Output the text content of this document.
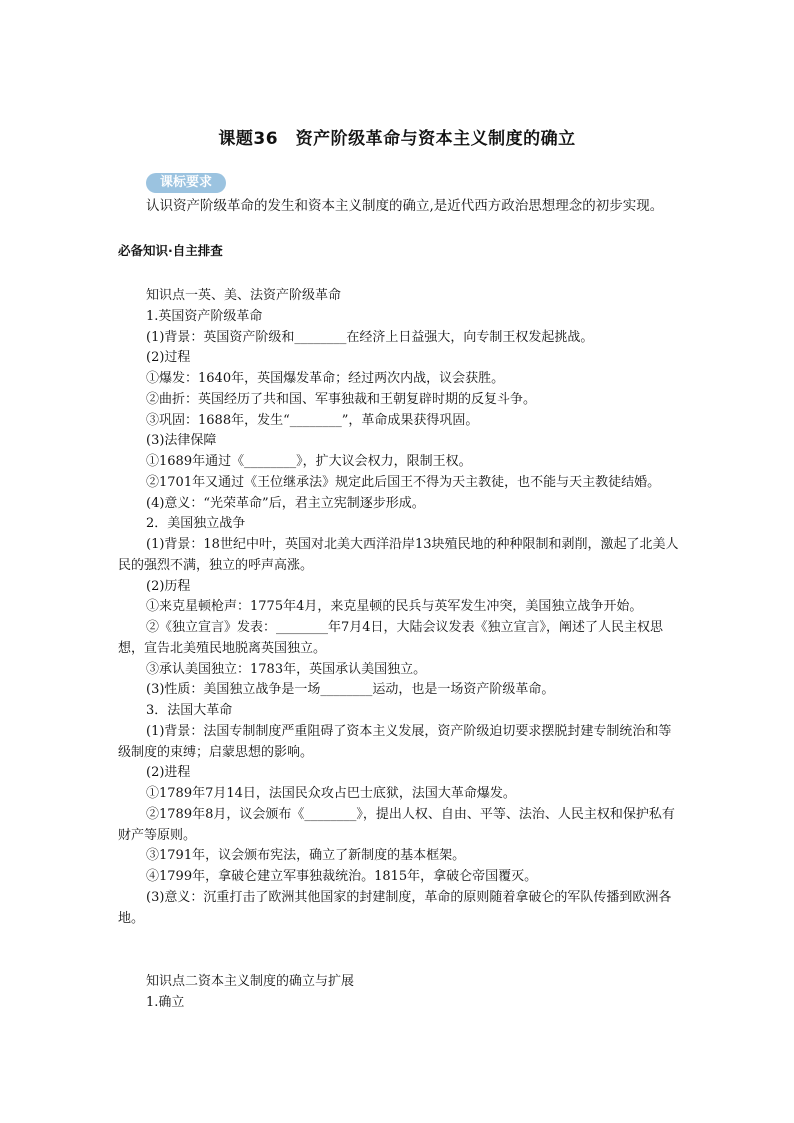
课题36　资产阶级革命与资本主义制度的确立
课标要求
认识资产阶级革命的发生和资本主义制度的确立,是近代西方政治思想理念的初步实现。
必备知识·自主排查
知识点一英、美、法资产阶级革命
1.英国资产阶级革命
(1)背景：英国资产阶级和________在经济上日益强大，向专制王权发起挑战。
(2)过程
①爆发：1640年，英国爆发革命；经过两次内战，议会获胜。
②曲折：英国经历了共和国、军事独裁和王朝复辟时期的反复斗争。
③巩固：1688年，发生“________”，革命成果获得巩固。
(3)法律保障
①1689年通过《________》，扩大议会权力，限制王权。
②1701年又通过《王位继承法》规定此后国王不得为天主教徒，也不能与天主教徒结婚。
(4)意义：“光荣革命”后，君主立宪制逐步形成。
2．美国独立战争
(1)背景：18世纪中叶，英国对北美大西洋沿岸13块殖民地的种种限制和剥削，激起了北美人民的强烈不满，独立的呼声高涨。
(2)历程
①来克星顿枪声：1775年4月，来克星顿的民兵与英军发生冲突，美国独立战争开始。
②《独立宣言》发表：________年7月4日，大陆会议发表《独立宣言》，阐述了人民主权思想，宣告北美殖民地脱离英国独立。
③承认美国独立：1783年，英国承认美国独立。
(3)性质：美国独立战争是一场________运动，也是一场资产阶级革命。
3．法国大革命
(1)背景：法国专制制度严重阻碍了资本主义发展，资产阶级迫切要求摆脱封建专制统治和等级制度的束缚；启蒙思想的影响。
(2)进程
①1789年7月14日，法国民众攻占巴士底狱，法国大革命爆发。
②1789年8月，议会颁布《________》，提出人权、自由、平等、法治、人民主权和保护私有财产等原则。
③1791年，议会颁布宪法，确立了新制度的基本框架。
④1799年，拿破仑建立军事独裁统治。1815年，拿破仑帝国覆灭。
(3)意义：沉重打击了欧洲其他国家的封建制度，革命的原则随着拿破仑的军队传播到欧洲各地。
知识点二资本主义制度的确立与扩展
1.确立
